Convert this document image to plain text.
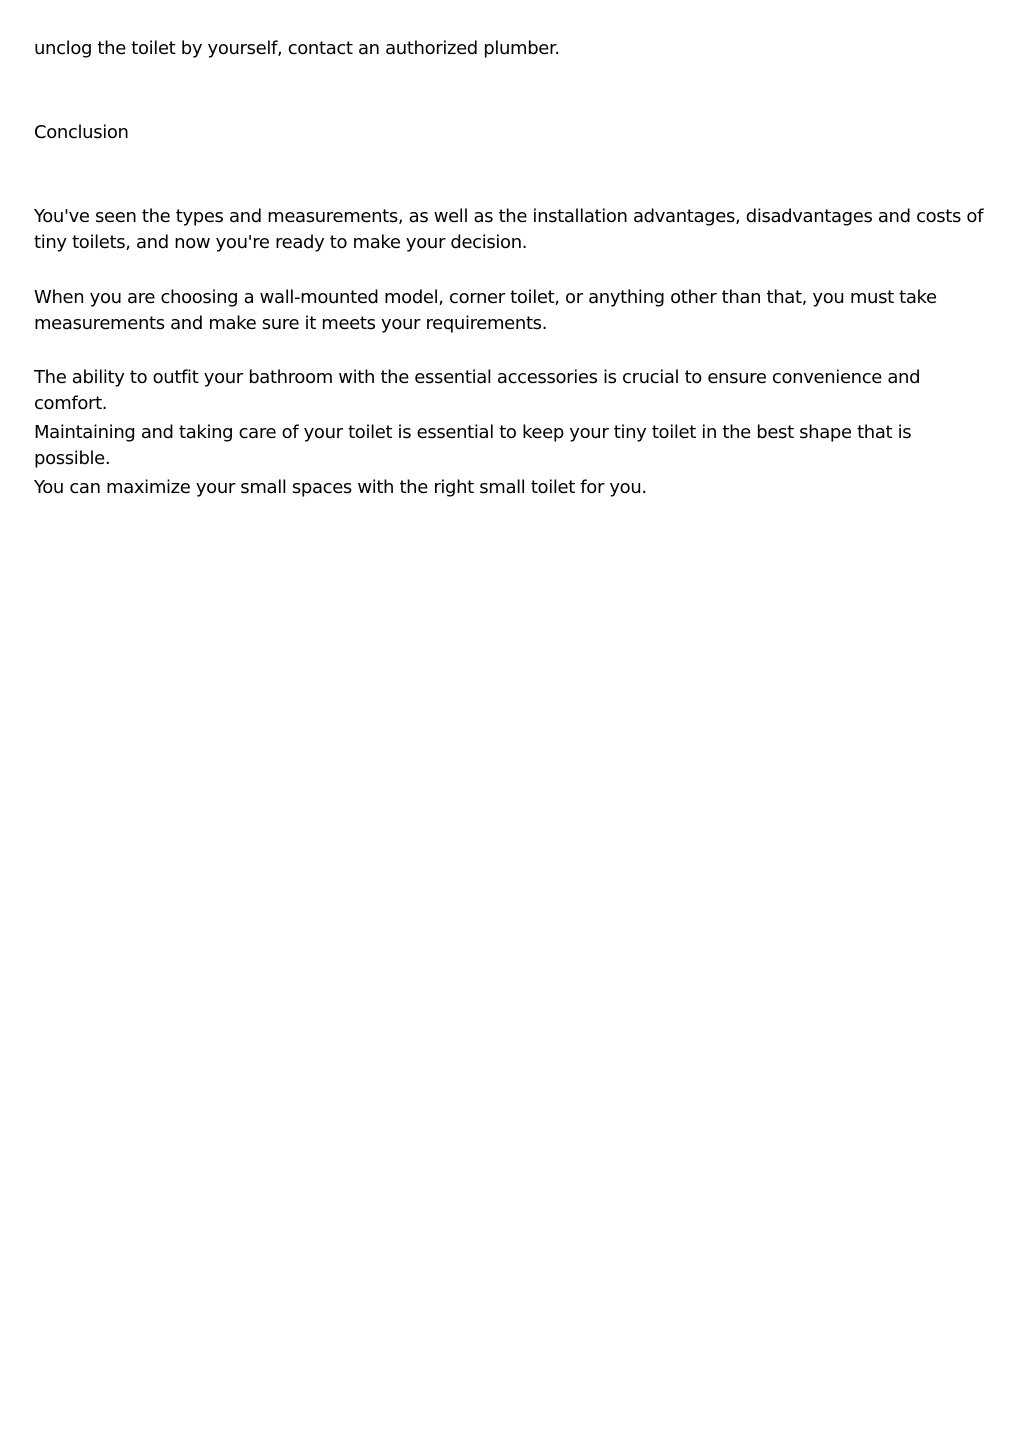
unclog the toilet by yourself, contact an authorized plumber.
Conclusion
You've seen the types and measurements, as well as the installation advantages, disadvantages and costs of tiny toilets, and now you're ready to make your decision.
When you are choosing a wall-mounted model, corner toilet, or anything other than that, you must take measurements and make sure it meets your requirements.
The ability to outfit your bathroom with the essential accessories is crucial to ensure convenience and comfort.
Maintaining and taking care of your toilet is essential to keep your tiny toilet in the best shape that is possible.
You can maximize your small spaces with the right small toilet for you.
